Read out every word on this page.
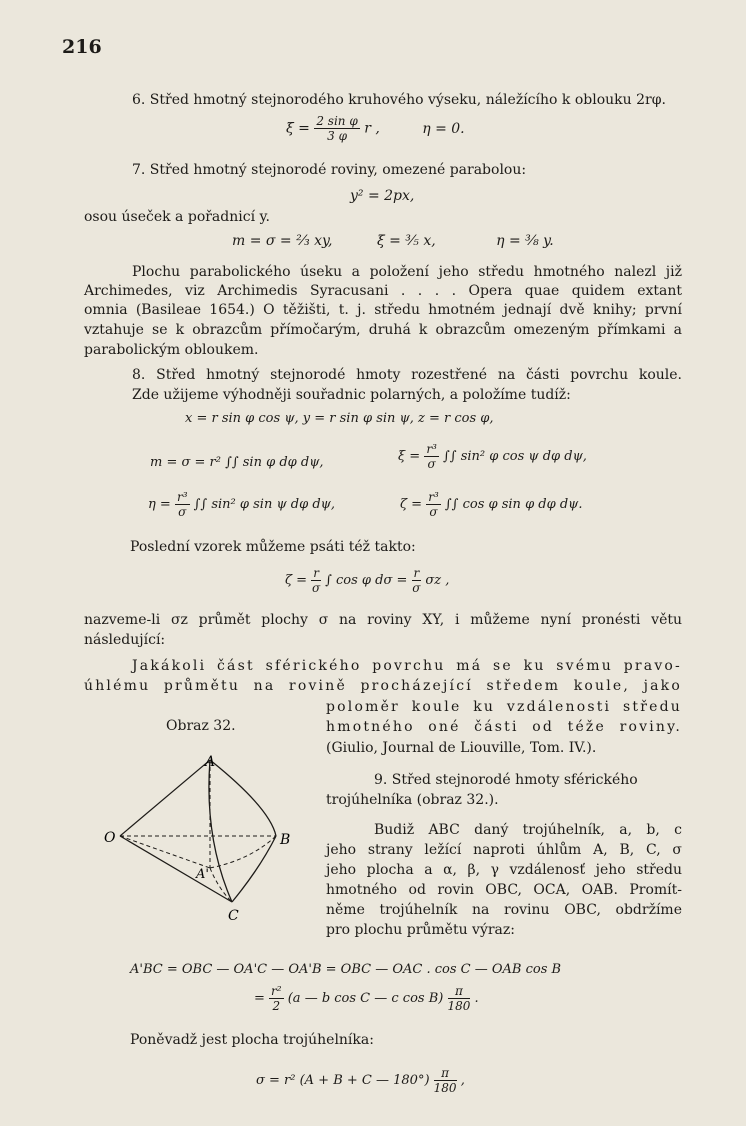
216
6. Střed hmotný stejnorodého kruhového výseku, náležícího k oblouku 2rφ.
$\xi = \frac{\text{2 sin φ}}{3 \varphi}$ r ,	η = 0.
7. Střed hmotný stejnorodé roviny, omezené parabolou:
y² = 2px,
osou úseček a pořadnicí y.
m = σ = ⅔ xy,	ξ = ⅗ x,	η = ⅜ y.
Plochu parabolického úseku a položení jeho středu hmotného nalezl již
Archimedes, viz Archimedis Syracusani . . . . Opera quae quidem extant
omnia (Basileae 1654.) O těžišti, t. j. středu hmotném jednají dvě knihy; první
vztahuje se k obrazcům přímočarým, druhá k obrazcům omezeným přímkami a
parabolickým obloukem.
8. Střed hmotný stejnorodé hmoty rozestřené na části povrchu koule.
Zde užijeme výhodněji souřadnic polarných, a položíme tudíž:
x = r sin φ cos ψ, y = r sin φ sin ψ, z = r cos φ,
m = σ = r² ∫∫ sin φ dφ dψ,	$\xi = \frac{\text{r³}}{\sigma}$ ∫∫ sin² φ cos ψ dφ dψ,
$\eta = \frac{\text{r³}}{\sigma}$ ∫∫ sin² φ sin ψ dφ dψ,	$\zeta = \frac{\text{r³}}{\sigma}$ ∫∫ cos φ sin φ dφ dψ.
Poslední vzorek můžeme psáti též takto:
$\zeta = \frac{r}{\sigma}$ ∫ cos φ $d\sigma = \frac{r}{\sigma}$ σz ,
nazveme-li σz průmět plochy σ na roviny XY, i můžeme nyní pronésti větu
následující:
Jakákoli část sférického povrchu má se ku svému pravo-
úhlému průmětu na rovině procházející středem koule, jako
poloměr koule ku vzdálenosti středu
hmotného oné části od téže roviny.
(Giulio, Journal de Liouville, Tom. IV.).
Obraz 32.
A
O	B
A'
C
9. Střed stejnorodé hmoty sférického
trojúhelníka (obraz 32.).
Budiž ABC daný trojúhelník, a, b, c
jeho strany ležící naproti úhlům A, B, C, σ
jeho plocha a α, β, γ vzdálenosť jeho středu
hmotného od rovin OBC, OCA, OAB. Promít-
něme trojúhelník na rovinu OBC, obdržíme
pro plochu průmětu výraz:
A'BC = OBC — OA'C — OA'B = OBC — OAC . cos C — OAB cos B
= $\frac{\text{r²}}{2} (a$ — b cos C — c $\cos B) \frac{\pi}{180}$ .
Poněvadž jest plocha trojúhelníka:
σ = r² (A + B + C — $180^\circ) \frac{\pi}{180}$ ,
